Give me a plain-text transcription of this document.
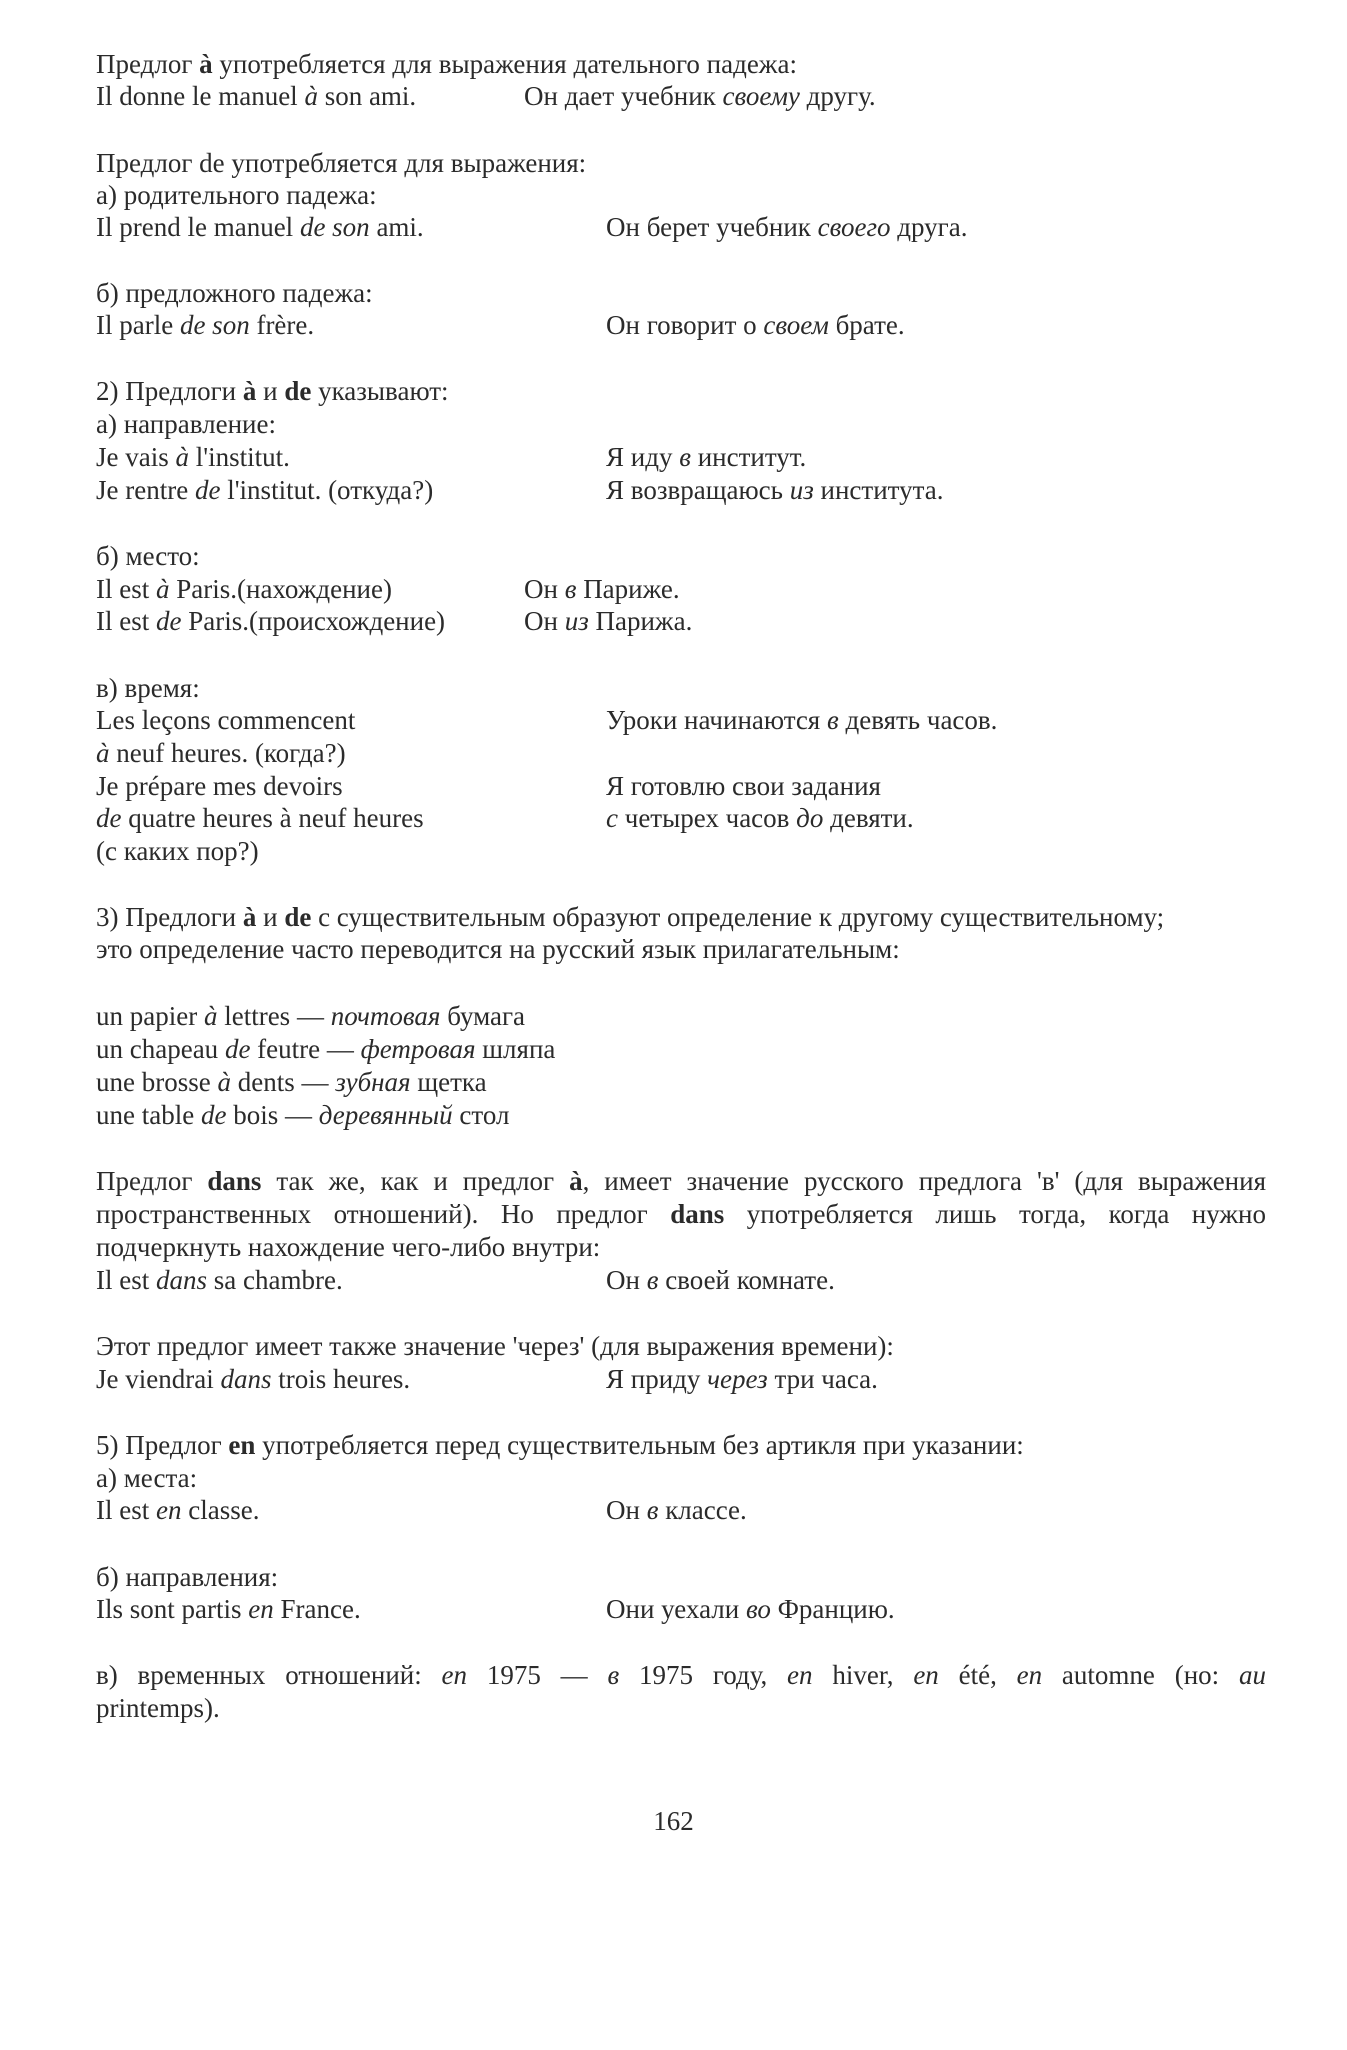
Предлог à употребляется для выражения дательного падежа:
Il donne le manuel à son ami.	Он дает учебник своему другу.
Предлог de употребляется для выражения:
а) родительного падежа:
Il prend le manuel de son ami.	Он берет учебник своего друга.
б) предложного падежа:
Il parle de son frère.	Он говорит о своем брате.
2) Предлоги à и de указывают:
а) направление:
Je vais à l'institut.	Я иду в институт.
Je rentre de l'institut. (откуда?)	Я возвращаюсь из института.
б) место:
Il est à Paris.(нахождение)	Он в Париже.
Il est de Paris.(происхождение)	Он из Парижа.
в) время:
Les leçons commencent	Уроки начинаются в девять часов.
à neuf heures. (когда?)
Je prépare mes devoirs	Я готовлю свои задания
de quatre heures à neuf heures	с четырех часов до девяти.
(с каких пор?)
3) Предлоги à и de с существительным образуют определение к другому существительному;
это определение часто переводится на русский язык прилагательным:
un papier à lettres — почтовая бумага
un chapeau de feutre — фетровая шляпа
une brosse à dents — зубная щетка
une table de bois — деревянный стол
Предлог dans так же, как и предлог à, имеет значение русского предлога 'в' (для выражения
пространственных отношений). Но предлог dans употребляется лишь тогда, когда нужно
подчеркнуть нахождение чего-либо внутри:
Il est dans sa chambre.	Он в своей комнате.
Этот предлог имеет также значение 'через' (для выражения времени):
Je viendrai dans trois heures.	Я приду через три часа.
5) Предлог en употребляется перед существительным без артикля при указании:
а) места:
Il est en classe.	Он в классе.
б) направления:
Ils sont partis en France.	Они уехали во Францию.
в) временных отношений: en 1975 — в 1975 году, en hiver, en été, en automne (но: au
printemps).
162
